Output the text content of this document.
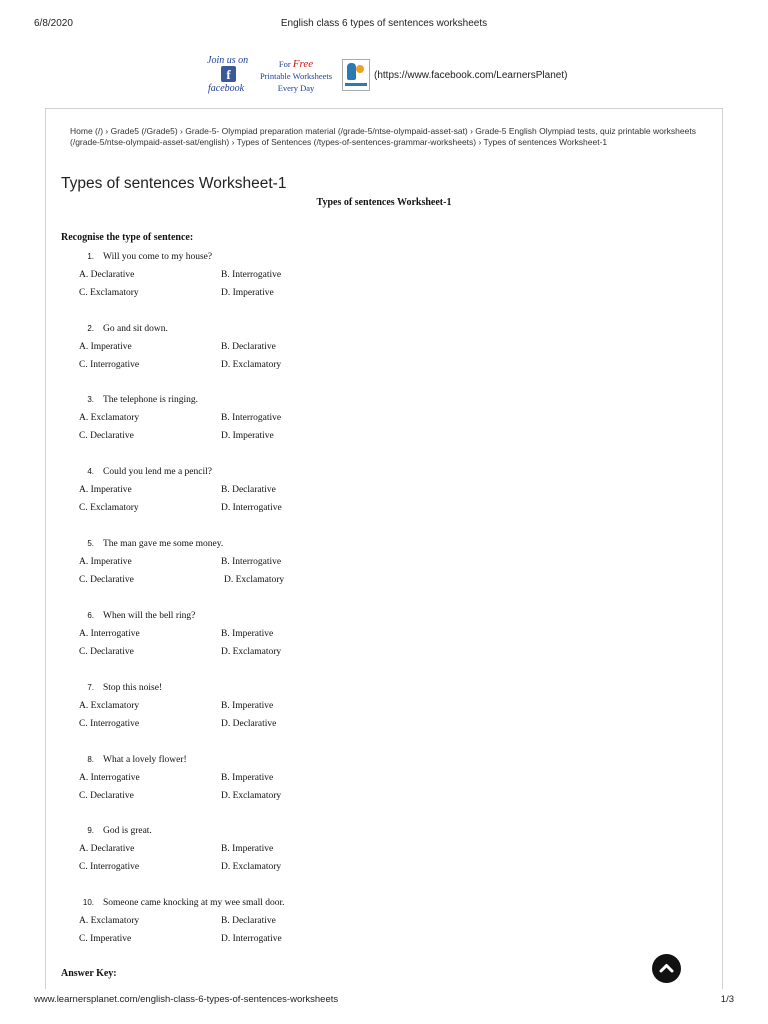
6/8/2020	English class 6 types of sentences worksheets
Join us on
f
facebook
For Free
Printable Worksheets
Every Day
(https://www.facebook.com/LearnersPlanet)
Home (/) › Grade5 (/Grade5) › Grade-5- Olympiad preparation material (/grade-5/ntse-olympaid-asset-sat) › Grade-5 English Olympiad tests, quiz printable worksheets (/grade-5/ntse-olympaid-asset-sat/english) › Types of Sentences (/types-of-sentences-grammar-worksheets) › Types of sentences Worksheet-1
Types of sentences Worksheet-1
Types of sentences Worksheet-1
Recognise the type of sentence:
1. Will you come to my house?
A. Declarative	B. Interrogative
C. Exclamatory	D. Imperative
2. Go and sit down.
A. Imperative	B. Declarative
C. Interrogative	D. Exclamatory
3. The telephone is ringing.
A. Exclamatory	B. Interrogative
C. Declarative	D. Imperative
4. Could you lend me a pencil?
A. Imperative	B. Declarative
C. Exclamatory	D. Interrogative
5. The man gave me some money.
A. Imperative	B. Interrogative
C. Declarative	D. Exclamatory
6. When will the bell ring?
A. Interrogative	B. Imperative
C. Declarative	D. Exclamatory
7. Stop this noise!
A. Exclamatory	B. Imperative
C. Interrogative	D. Declarative
8. What a lovely flower!
A. Interrogative	B. Imperative
C. Declarative	D. Exclamatory
9. God is great.
A. Declarative	B. Imperative
C. Interrogative	D. Exclamatory
10. Someone came knocking at my wee small door.
A. Exclamatory	B. Declarative
C. Imperative	D. Interrogative
Answer Key:
www.learnersplanet.com/english-class-6-types-of-sentences-worksheets	1/3
